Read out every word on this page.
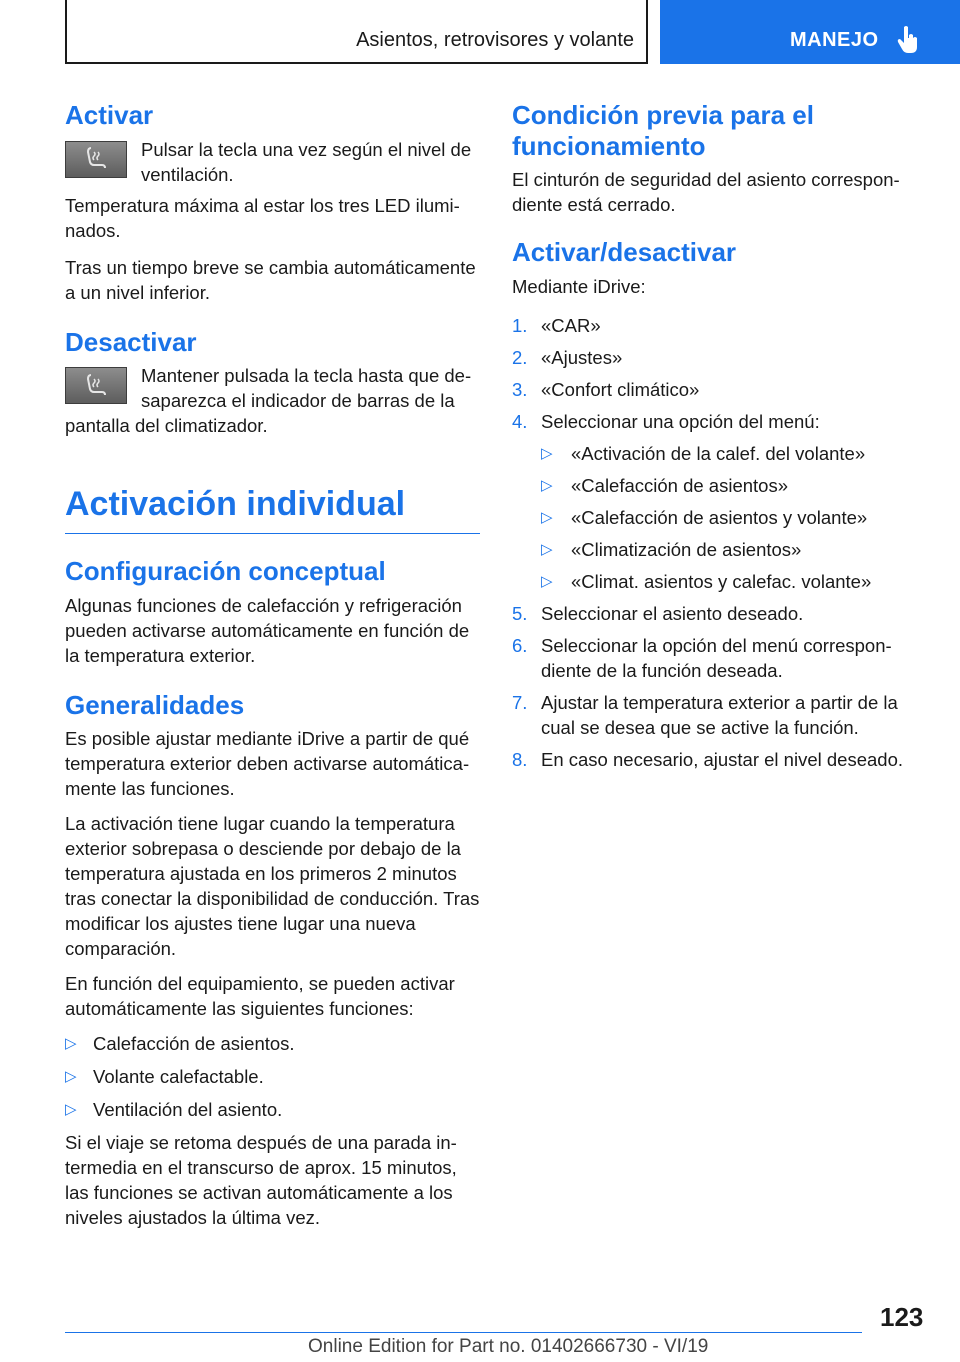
Asientos, retrovisores y volante	MANEJO
Activar

Pulsar la tecla una vez según el nivel de ventilación.

Temperatura máxima al estar los tres LED iluminados.

Tras un tiempo breve se cambia automáticamente a un nivel inferior.

Desactivar

Mantener pulsada la tecla hasta que desaparezca el indicador de barras de la pantalla del climatizador.

Activación individual
Configuración conceptual

Algunas funciones de calefacción y refrigeración pueden activarse automáticamente en función de la temperatura exterior.

Generalidades

Es posible ajustar mediante iDrive a partir de qué temperatura exterior deben activarse automáticamente las funciones.

La activación tiene lugar cuando la temperatura exterior sobrepasa o desciende por debajo de la temperatura ajustada en los primeros 2 minutos tras conectar la disponibilidad de conducción. Tras modificar los ajustes tiene lugar una nueva comparación.

En función del equipamiento, se pueden activar automáticamente las siguientes funciones:

▷ Calefacción de asientos.
▷ Volante calefactable.
▷ Ventilación del asiento.

Si el viaje se retoma después de una parada intermedia en el transcurso de aprox. 15 minutos, las funciones se activan automáticamente a los niveles ajustados la última vez.

Condición previa para el funcionamiento

El cinturón de seguridad del asiento correspondiente está cerrado.

Activar/desactivar

Mediante iDrive:

1. «CAR»
2. «Ajustes»
3. «Confort climático»
4. Seleccionar una opción del menú:
▷ «Activación de la calef. del volante»
▷ «Calefacción de asientos»
▷ «Calefacción de asientos y volante»
▷ «Climatización de asientos»
▷ «Climat. asientos y calefac. volante»
5. Seleccionar el asiento deseado.
6. Seleccionar la opción del menú correspondiente de la función deseada.
7. Ajustar la temperatura exterior a partir de la cual se desea que se active la función.
8. En caso necesario, ajustar el nivel deseado.
123
Online Edition for Part no. 01402666730 - VI/19
